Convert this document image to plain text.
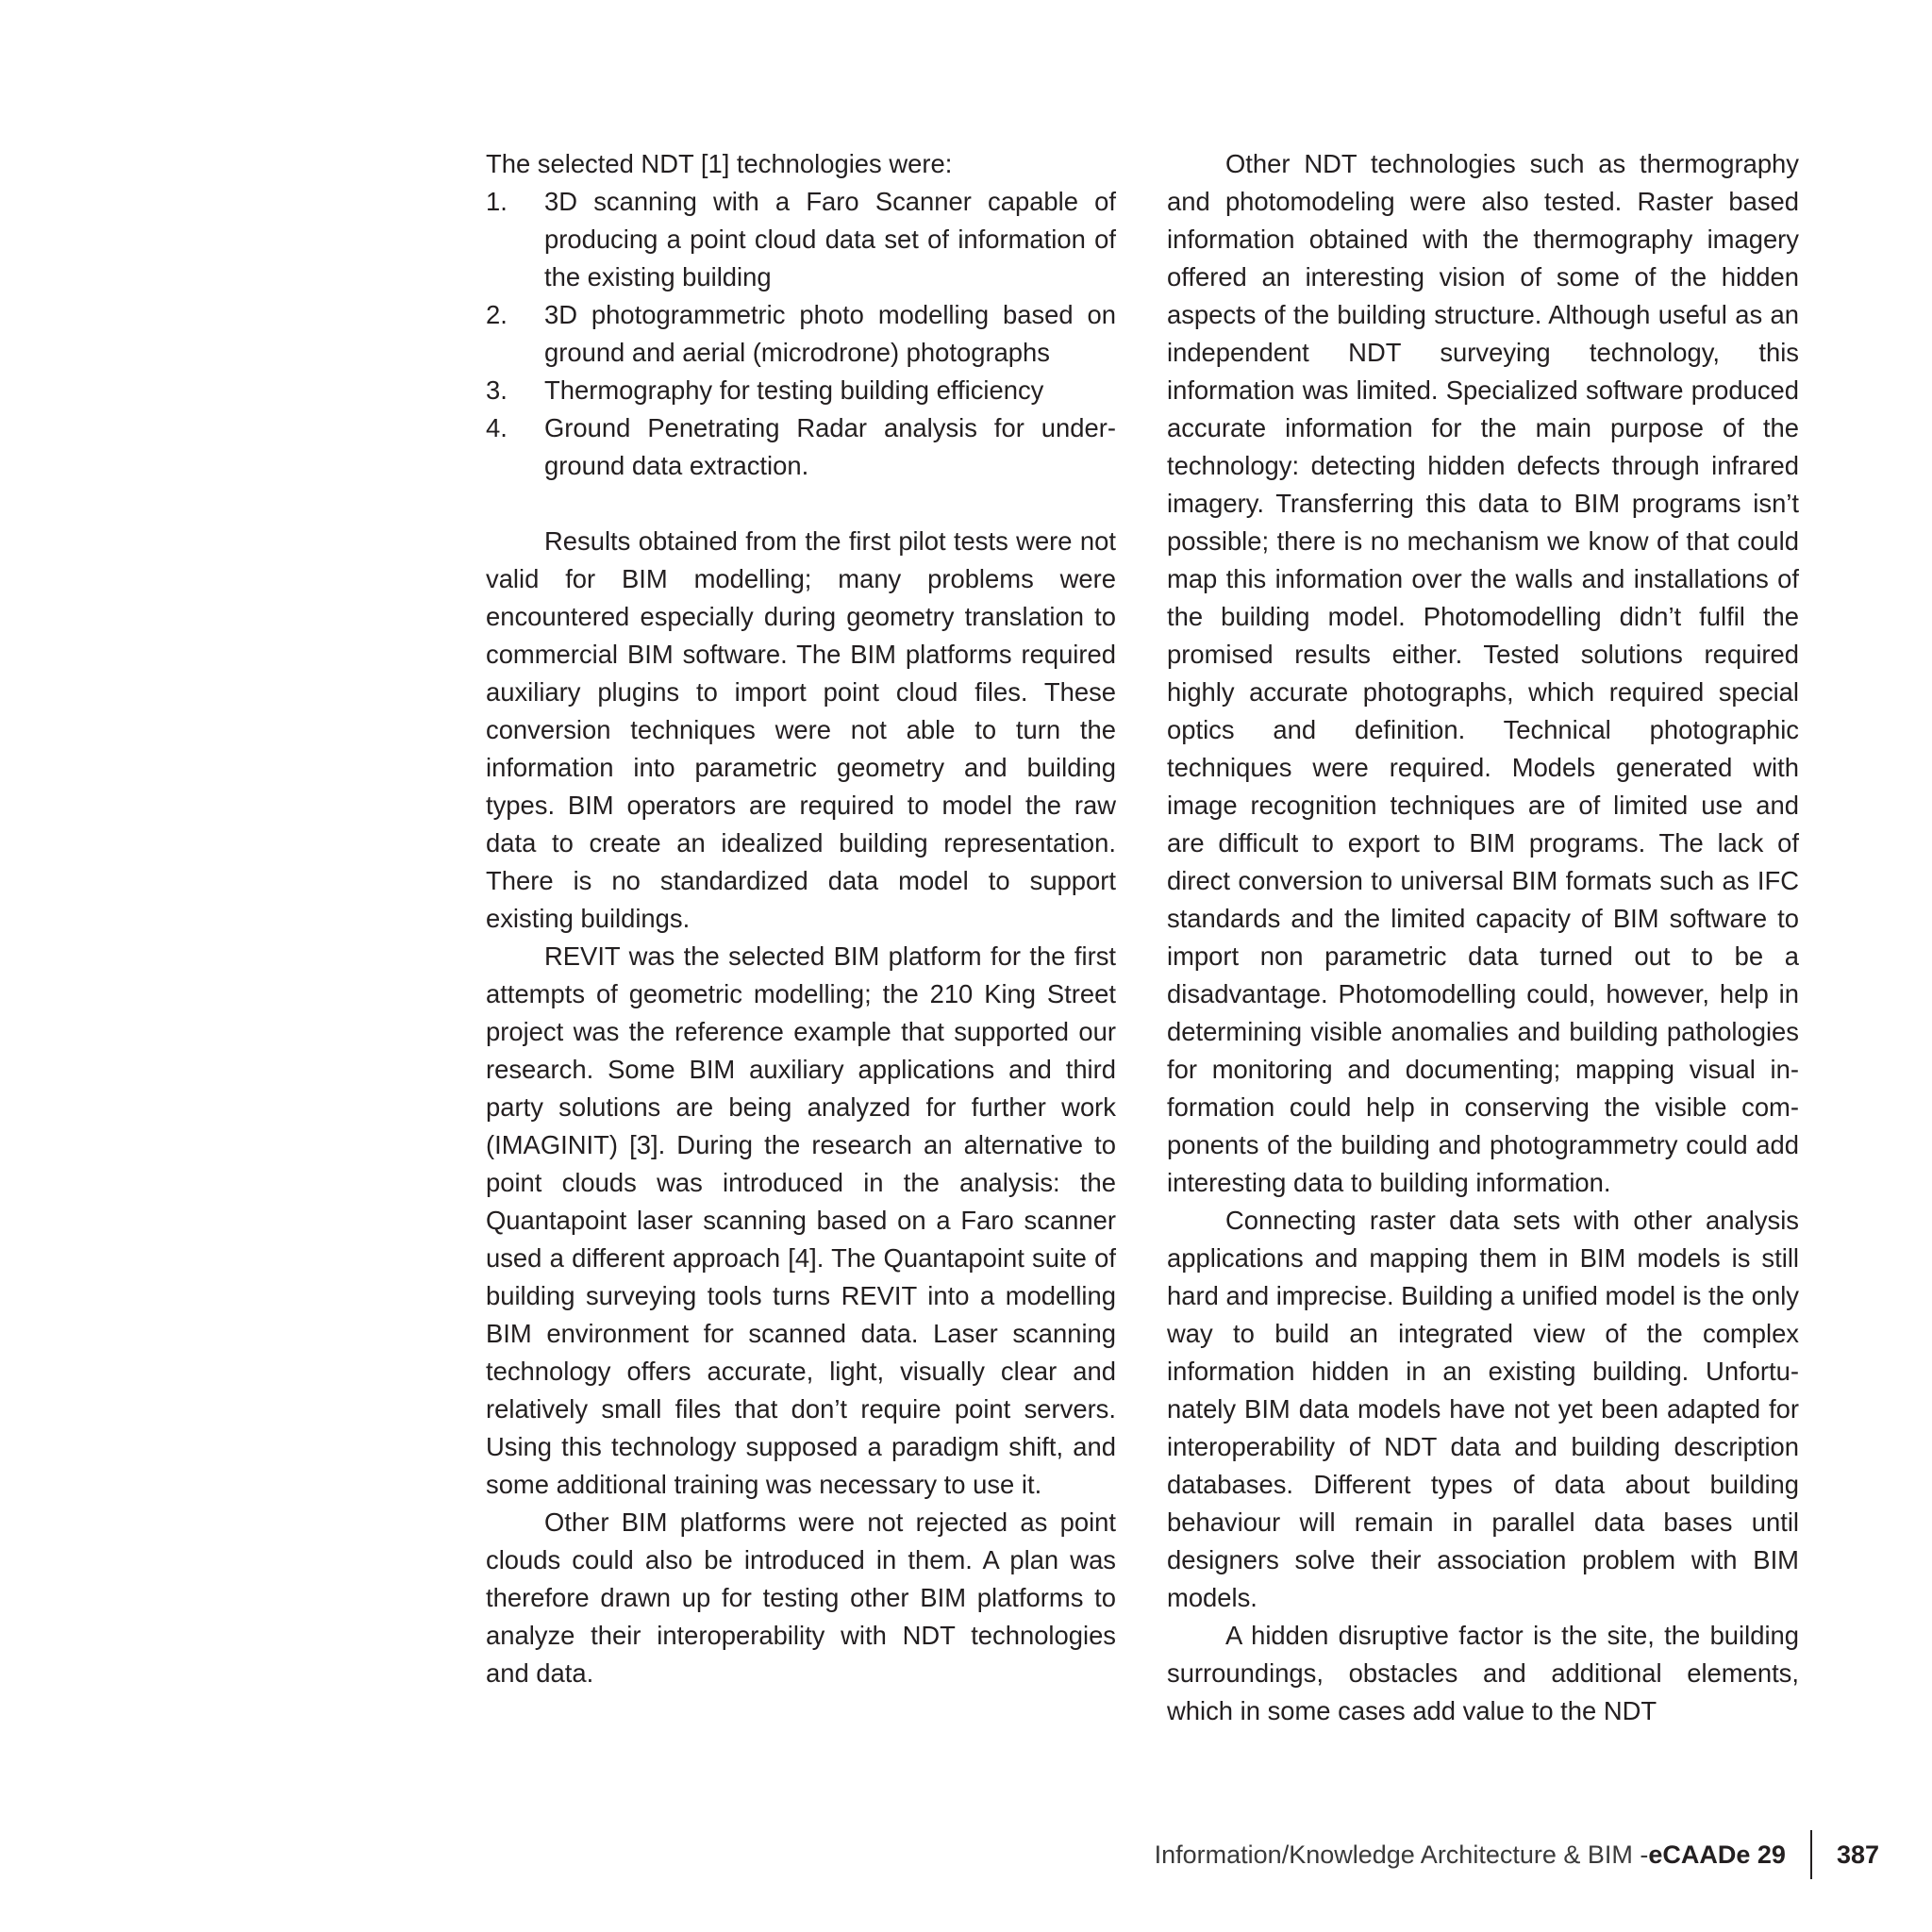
The selected NDT [1] technologies were:

1. 3D scanning with a Faro Scanner capable of producing a point cloud data set of information of the existing building
2. 3D photogrammetric photo modelling based on ground and aerial (microdrone) photographs
3. Thermography for testing building efficiency
4. Ground Penetrating Radar analysis for underground data extraction.

Results obtained from the first pilot tests were not valid for BIM modelling; many problems were encountered especially during geometry translation to commercial BIM software. The BIM platforms required auxiliary plugins to import point cloud files. These conversion techniques were not able to turn the information into parametric geometry and building types. BIM operators are required to model the raw data to create an idealized building representation. There is no standardized data model to support existing buildings.

REVIT was the selected BIM platform for the first attempts of geometric modelling; the 210 King Street project was the reference example that supported our research. Some BIM auxiliary applications and third party solutions are being analyzed for further work (IMAGINIT) [3]. During the research an alternative to point clouds was introduced in the analysis: the Quantapoint laser scanning based on a Faro scanner used a different approach [4]. The Quantapoint suite of building surveying tools turns REVIT into a modelling BIM environment for scanned data. Laser scanning technology offers accurate, light, visually clear and relatively small files that don’t require point servers. Using this technology supposed a paradigm shift, and some additional training was necessary to use it.

Other BIM platforms were not rejected as point clouds could also be introduced in them. A plan was therefore drawn up for testing other BIM platforms to analyze their interoperability with NDT technologies and data.

Other NDT technologies such as thermography and photomodeling were also tested. Raster based information obtained with the thermography imagery offered an interesting vision of some of the hidden aspects of the building structure. Although useful as an independent NDT surveying technology, this information was limited. Specialized software produced accurate information for the main purpose of the technology: detecting hidden defects through infrared imagery. Transferring this data to BIM programs isn’t possible; there is no mechanism we know of that could map this information over the walls and installations of the building model. Photomodelling didn’t fulfil the promised results either. Tested solutions required highly accurate photographs, which required special optics and definition. Technical photographic techniques were required. Models generated with image recognition techniques are of limited use and are difficult to export to BIM programs. The lack of direct conversion to universal BIM formats such as IFC standards and the limited capacity of BIM software to import non parametric data turned out to be a disadvantage. Photomodelling could, however, help in determining visible anomalies and building pathologies for monitoring and documenting; mapping visual information could help in conserving the visible components of the building and photogrammetry could add interesting data to building information.

Connecting raster data sets with other analysis applications and mapping them in BIM models is still hard and imprecise. Building a unified model is the only way to build an integrated view of the complex information hidden in an existing building. Unfortunately BIM data models have not yet been adapted for interoperability of NDT data and building description databases. Different types of data about building behaviour will remain in parallel data bases until designers solve their association problem with BIM models.

A hidden disruptive factor is the site, the building surroundings, obstacles and additional elements, which in some cases add value to the NDT

Information/Knowledge Architecture & BIM - eCAADe 29 387
